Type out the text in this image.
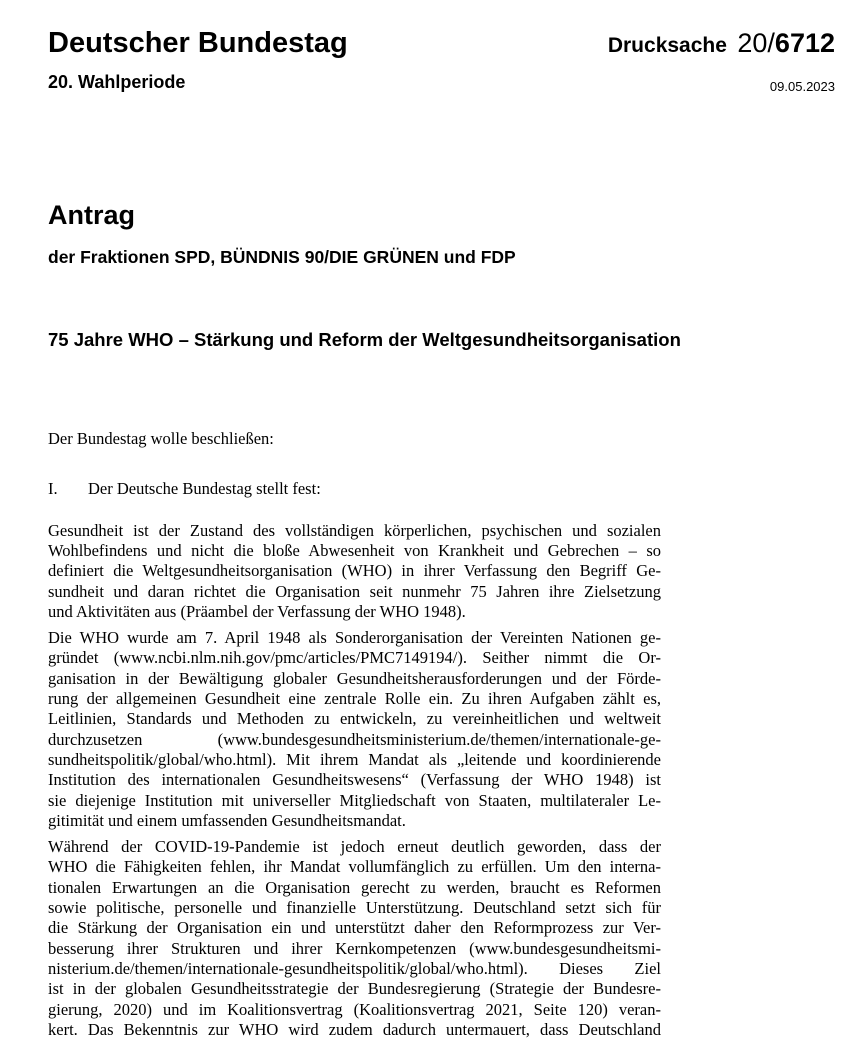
Deutscher Bundestag	Drucksache 20/6712
20. Wahlperiode	09.05.2023
Antrag
der Fraktionen SPD, BÜNDNIS 90/DIE GRÜNEN und FDP
75 Jahre WHO – Stärkung und Reform der Weltgesundheitsorganisation
Der Bundestag wolle beschließen:
I.	Der Deutsche Bundestag stellt fest:
Gesundheit ist der Zustand des vollständigen körperlichen, psychischen und sozialen
Wohlbefindens und nicht die bloße Abwesenheit von Krankheit und Gebrechen – so
definiert die Weltgesundheitsorganisation (WHO) in ihrer Verfassung den Begriff Ge-
sundheit und daran richtet die Organisation seit nunmehr 75 Jahren ihre Zielsetzung
und Aktivitäten aus (Präambel der Verfassung der WHO 1948).
Die WHO wurde am 7. April 1948 als Sonderorganisation der Vereinten Nationen ge-
gründet (www.ncbi.nlm.nih.gov/pmc/articles/PMC7149194/). Seither nimmt die Or-
ganisation in der Bewältigung globaler Gesundheitsherausforderungen und der Förde-
rung der allgemeinen Gesundheit eine zentrale Rolle ein. Zu ihren Aufgaben zählt es,
Leitlinien, Standards und Methoden zu entwickeln, zu vereinheitlichen und weltweit
durchzusetzen (www.bundesgesundheitsministerium.de/themen/internationale-ge-
sundheitspolitik/global/who.html). Mit ihrem Mandat als „leitende und koordinierende
Institution des internationalen Gesundheitswesens“ (Verfassung der WHO 1948) ist
sie diejenige Institution mit universeller Mitgliedschaft von Staaten, multilateraler Le-
gitimität und einem umfassenden Gesundheitsmandat.
Während der COVID-19-Pandemie ist jedoch erneut deutlich geworden, dass der
WHO die Fähigkeiten fehlen, ihr Mandat vollumfänglich zu erfüllen. Um den interna-
tionalen Erwartungen an die Organisation gerecht zu werden, braucht es Reformen
sowie politische, personelle und finanzielle Unterstützung. Deutschland setzt sich für
die Stärkung der Organisation ein und unterstützt daher den Reformprozess zur Ver-
besserung ihrer Strukturen und ihrer Kernkompetenzen (www.bundesgesundheitsmi-
nisterium.de/themen/internationale-gesundheitspolitik/global/who.html). Dieses Ziel
ist in der globalen Gesundheitsstrategie der Bundesregierung (Strategie der Bundesre-
gierung, 2020) und im Koalitionsvertrag (Koalitionsvertrag 2021, Seite 120) veran-
kert. Das Bekenntnis zur WHO wird zudem dadurch untermauert, dass Deutschland
